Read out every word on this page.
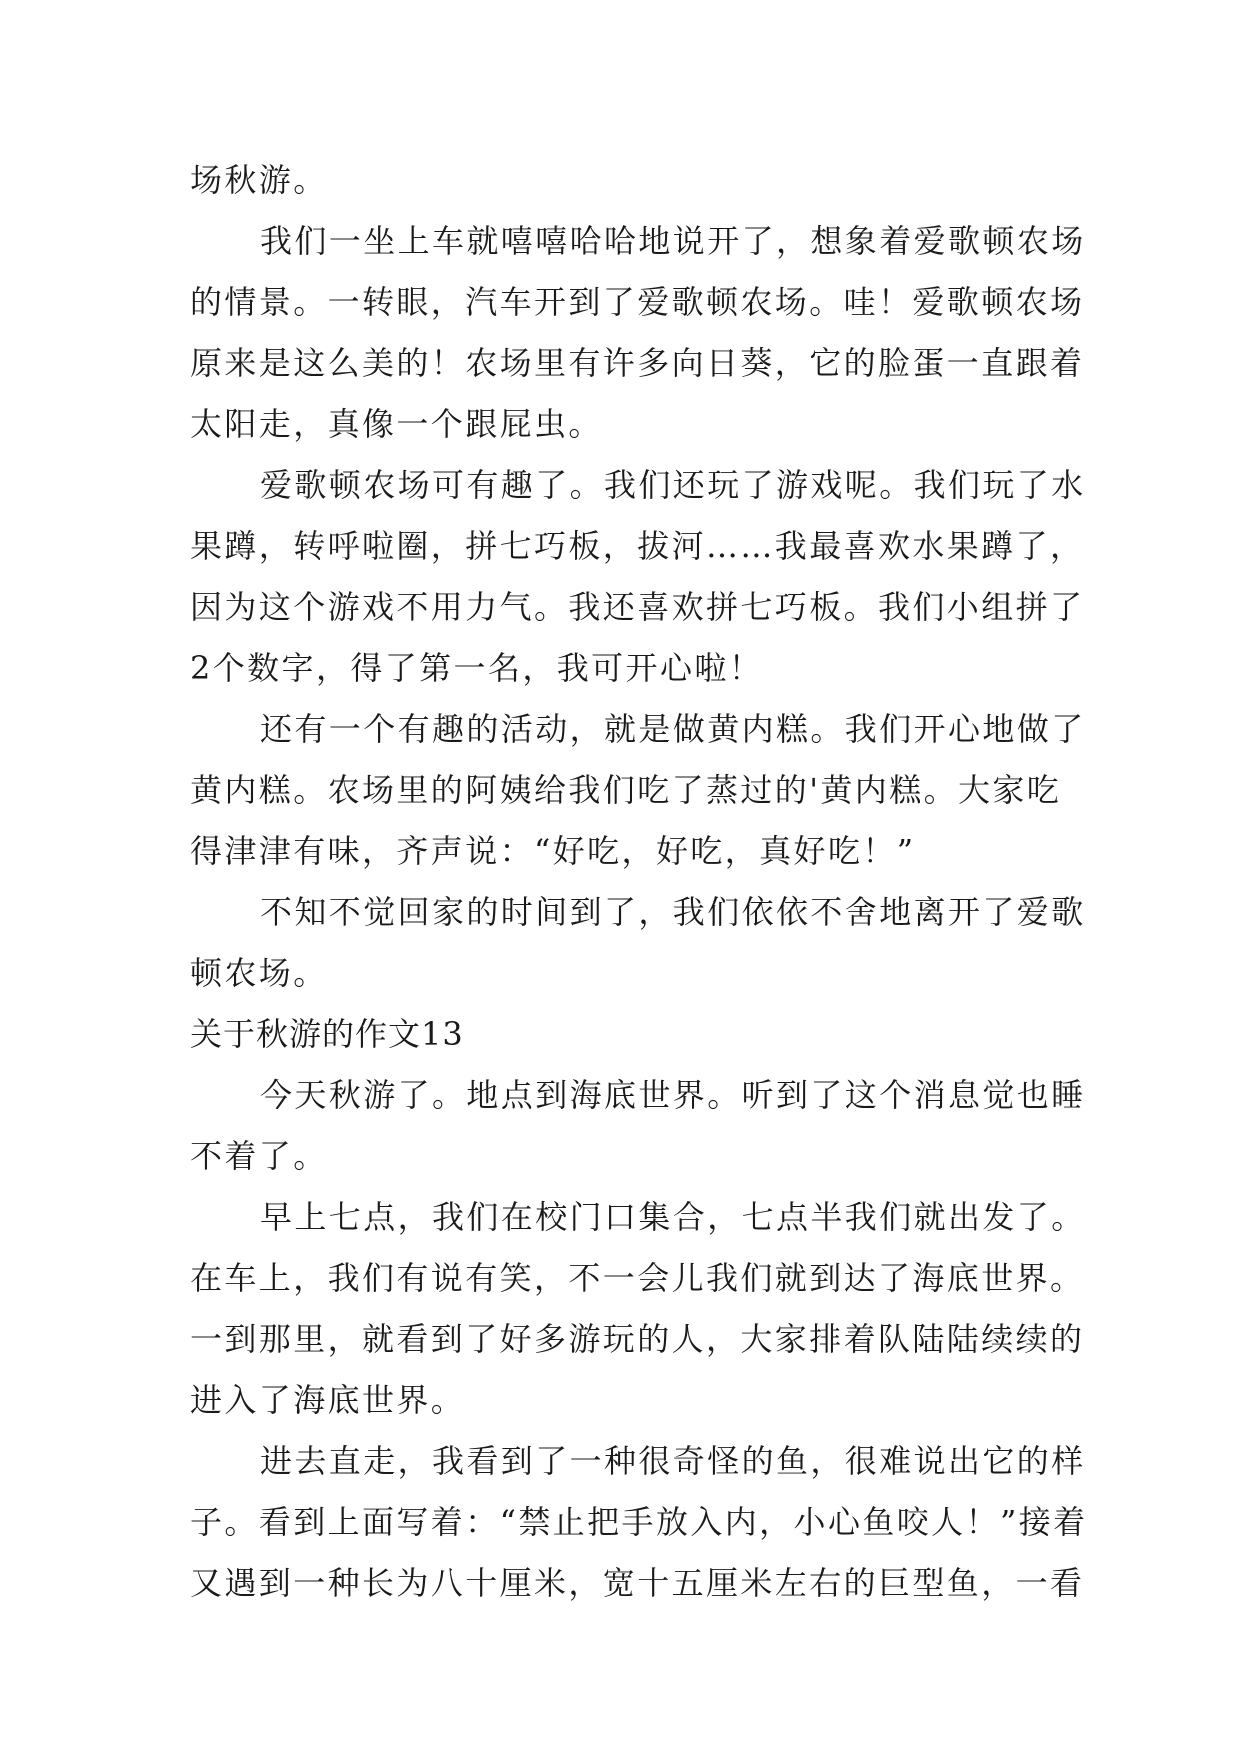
场秋游。
我们一坐上车就嘻嘻哈哈地说开了，想象着爱歌顿农场
的情景。一转眼，汽车开到了爱歌顿农场。哇！爱歌顿农场
原来是这么美的！农场里有许多向日葵，它的脸蛋一直跟着
太阳走，真像一个跟屁虫。
爱歌顿农场可有趣了。我们还玩了游戏呢。我们玩了水
果蹲，转呼啦圈，拼七巧板，拔河……我最喜欢水果蹲了，
因为这个游戏不用力气。我还喜欢拼七巧板。我们小组拼了
2个数字，得了第一名，我可开心啦！
还有一个有趣的活动，就是做黄内糕。我们开心地做了
黄内糕。农场里的阿姨给我们吃了蒸过的'黄内糕。大家吃
得津津有味，齐声说：“好吃，好吃，真好吃！”
不知不觉回家的时间到了，我们依依不舍地离开了爱歌
顿农场。
关于秋游的作文13
今天秋游了。地点到海底世界。听到了这个消息觉也睡
不着了。
早上七点，我们在校门口集合，七点半我们就出发了。
在车上，我们有说有笑，不一会儿我们就到达了海底世界。
一到那里，就看到了好多游玩的人，大家排着队陆陆续续的
进入了海底世界。
进去直走，我看到了一种很奇怪的鱼，很难说出它的样
子。看到上面写着：“禁止把手放入内，小心鱼咬人！”接着
又遇到一种长为八十厘米，宽十五厘米左右的巨型鱼，一看
